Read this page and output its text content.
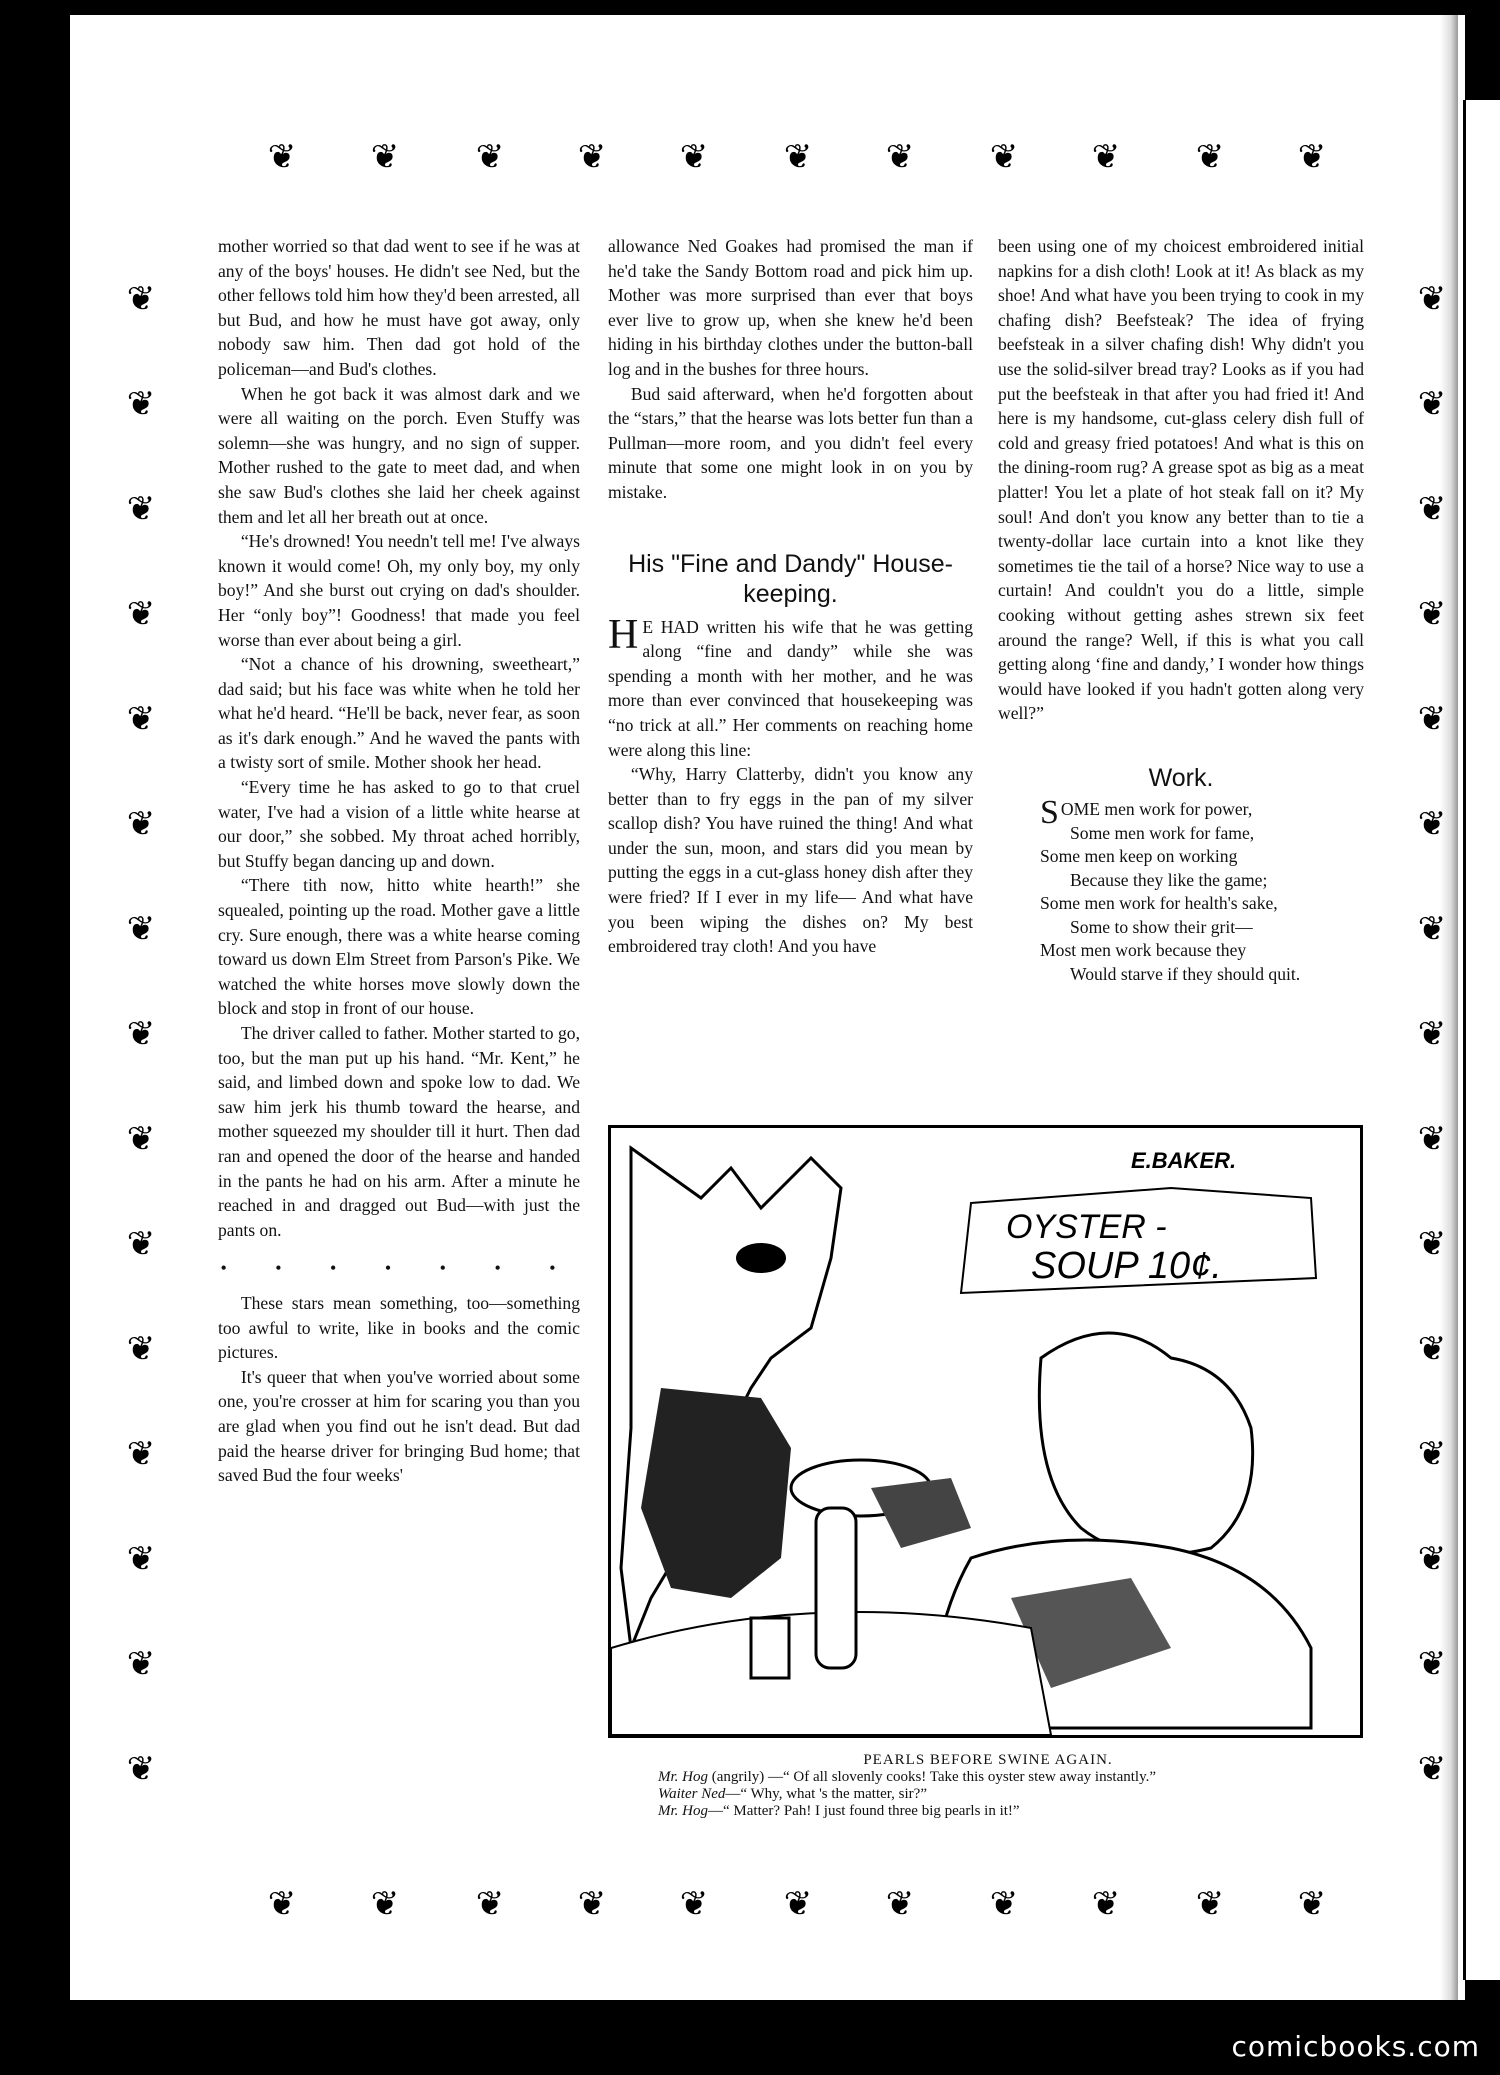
❦
❦
❦
❦
❦
❦
❦
❦
❦
❦
❦
❦
❦
❦
❦
❦
❦
❦
❦
❦
❦
❦
❦	❦
❦	❦
❦	❦
❦	❦
❦	❦
❦	❦
❦	❦
❦	❦
❦	❦
❦	❦
❦	❦
❦	❦
❦	❦
❦	❦
❦	❦

mother worried so that dad went to see if he was at any of the boys' houses. He didn't see Ned, but the other fellows told him how they'd been arrested, all but Bud, and how he must have got away, only nobody saw him. Then dad got hold of the policeman—and Bud's clothes.

When he got back it was almost dark and we were all waiting on the porch. Even Stuffy was solemn—she was hungry, and no sign of supper. Mother rushed to the gate to meet dad, and when she saw Bud's clothes she laid her cheek against them and let all her breath out at once.

“He's drowned! You needn't tell me! I've always known it would come! Oh, my only boy, my only boy!” And she burst out crying on dad's shoulder. Her “only boy”! Goodness! that made you feel worse than ever about being a girl.

“Not a chance of his drowning, sweetheart,” dad said; but his face was white when he told her what he'd heard. “He'll be back, never fear, as soon as it's dark enough.” And he waved the pants with a twisty sort of smile. Mother shook her head.

“Every time he has asked to go to that cruel water, I've had a vision of a little white hearse at our door,” she sobbed. My throat ached horribly, but Stuffy began dancing up and down.

“There tith now, hitto white hearth!” she squealed, pointing up the road. Mother gave a little cry. Sure enough, there was a white hearse coming toward us down Elm Street from Parson's Pike. We watched the white horses move slowly down the block and stop in front of our house.

The driver called to father. Mother started to go, too, but the man put up his hand. “Mr. Kent,” he said, and limbed down and spoke low to dad. We saw him jerk his thumb toward the hearse, and mother squeezed my shoulder till it hurt. Then dad ran and opened the door of the hearse and handed in the pants he had on his arm. After a minute he reached in and dragged out Bud—with just the pants on.

• • • • • • •

These stars mean something, too—something too awful to write, like in books and the comic pictures.

It's queer that when you've worried about some one, you're crosser at him for scaring you than you are glad when you find out he isn't dead. But dad paid the hearse driver for bringing Bud home; that saved Bud the four weeks'

allowance Ned Goakes had promised the man if he'd take the Sandy Bottom road and pick him up. Mother was more surprised than ever that boys ever live to grow up, when she knew he'd been hiding in his birthday clothes under the button-ball log and in the bushes for three hours.

Bud said afterward, when he'd forgotten about the “stars,” that the hearse was lots better fun than a Pullman—more room, and you didn't feel every minute that some one might look in on you by mistake.

His "Fine and Dandy" House-keeping.

H E HAD written his wife that he was getting along “fine and dandy” while she was spending a month with her mother, and he was more than ever convinced that housekeeping was “no trick at all.” Her comments on reaching home were along this line:

“Why, Harry Clatterby, didn't you know any better than to fry eggs in the pan of my silver scallop dish? You have ruined the thing! And what under the sun, moon, and stars did you mean by putting the eggs in a cut-glass honey dish after they were fried? If I ever in my life— And what have you been wiping the dishes on? My best embroidered tray cloth! And you have

been using one of my choicest embroidered initial napkins for a dish cloth! Look at it! As black as my shoe! And what have you been trying to cook in my chafing dish? Beefsteak? The idea of frying beefsteak in a silver chafing dish! Why didn't you use the solid-silver bread tray? Looks as if you had put the beefsteak in that after you had fried it! And here is my handsome, cut-glass celery dish full of cold and greasy fried potatoes! And what is this on the dining-room rug? A grease spot as big as a meat platter! You let a plate of hot steak fall on it? My soul! And don't you know any better than to tie a twenty-dollar lace curtain into a knot like they sometimes tie the tail of a horse? Nice way to use a curtain! And couldn't you do a little, simple cooking without getting ashes strewn six feet around the range? Well, if this is what you call getting along ‘fine and dandy,’ I wonder how things would have looked if you hadn't gotten along very well?”

Work.
SOME men work for power,
Some men work for fame,
Some men keep on working
Because they like the game;
Some men work for health's sake,
Some to show their grit—
Most men work because they
Would starve if they should quit.
OYSTER -
SOUP 10¢.
E.BAKER.
PEARLS BEFORE SWINE AGAIN.
Mr. Hog (angrily) —“ Of all slovenly cooks! Take this oyster stew away instantly.”
Waiter Ned—“ Why, what 's the matter, sir?”
Mr. Hog—“ Matter? Pah! I just found three big pearls in it!”
comicbooks.com
